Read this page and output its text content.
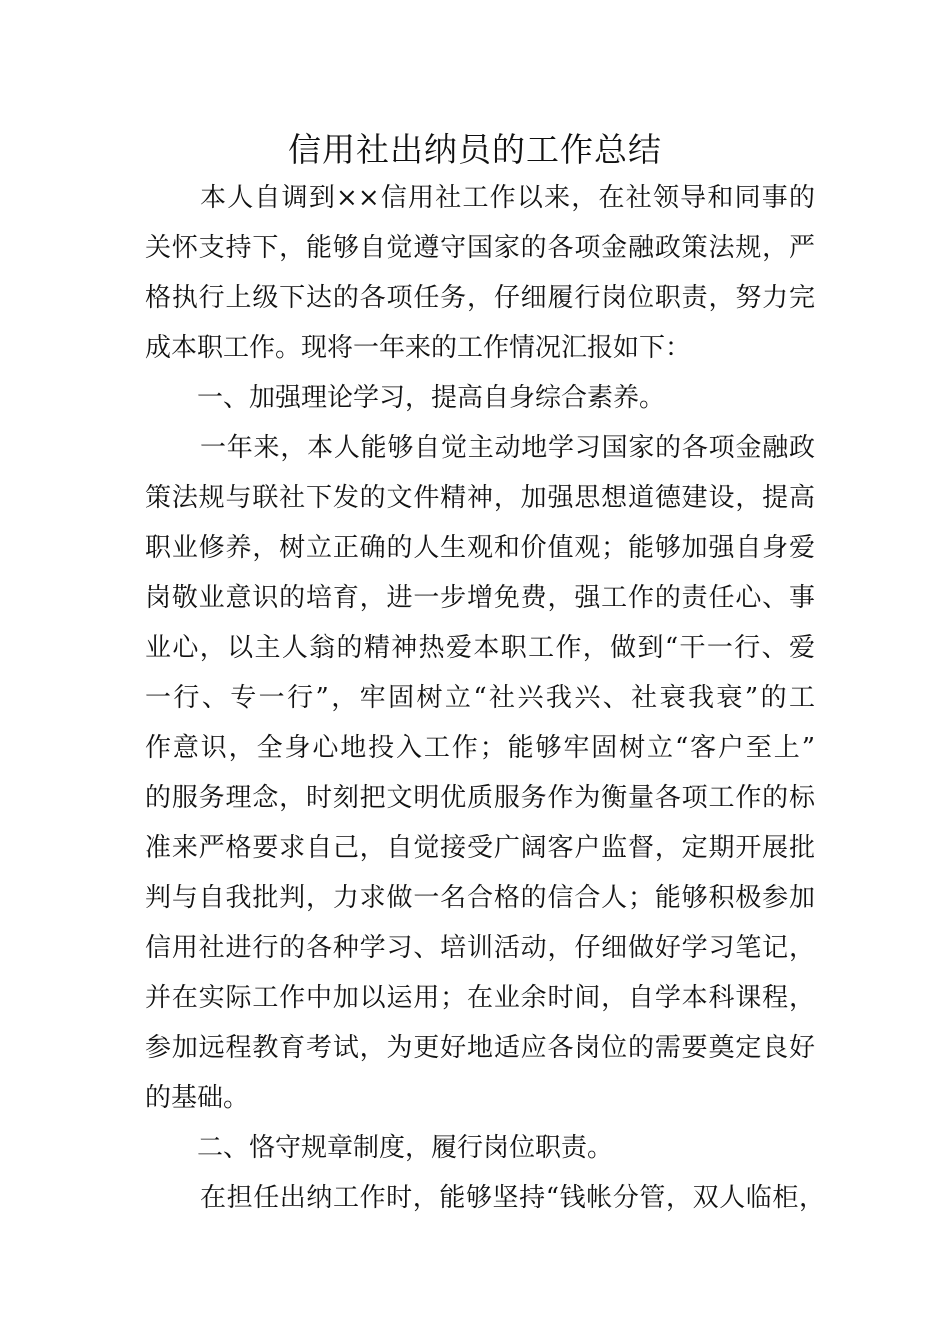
信用社出纳员的工作总结
本人自调到××信用社工作以来，在社领导和同事的
关怀支持下，能够自觉遵守国家的各项金融政策法规，严
格执行上级下达的各项任务，仔细履行岗位职责，努力完
成本职工作。现将一年来的工作情况汇报如下：
一、加强理论学习，提高自身综合素养。
一年来，本人能够自觉主动地学习国家的各项金融政
策法规与联社下发的文件精神，加强思想道德建设，提高
职业修养，树立正确的人生观和价值观；能够加强自身爱
岗敬业意识的培育，进一步增免费，强工作的责任心、事
业心，以主人翁的精神热爱本职工作，做到“干一行、爱
一行、专一行”，牢固树立“社兴我兴、社衰我衰”的工
作意识，全身心地投入工作；能够牢固树立“客户至上”
的服务理念，时刻把文明优质服务作为衡量各项工作的标
准来严格要求自己，自觉接受广阔客户监督，定期开展批
判与自我批判，力求做一名合格的信合人；能够积极参加
信用社进行的各种学习、培训活动，仔细做好学习笔记，
并在实际工作中加以运用；在业余时间，自学本科课程，
参加远程教育考试，为更好地适应各岗位的需要奠定良好
的基础。
二、恪守规章制度，履行岗位职责。
在担任出纳工作时，能够坚持“钱帐分管，双人临柜，
